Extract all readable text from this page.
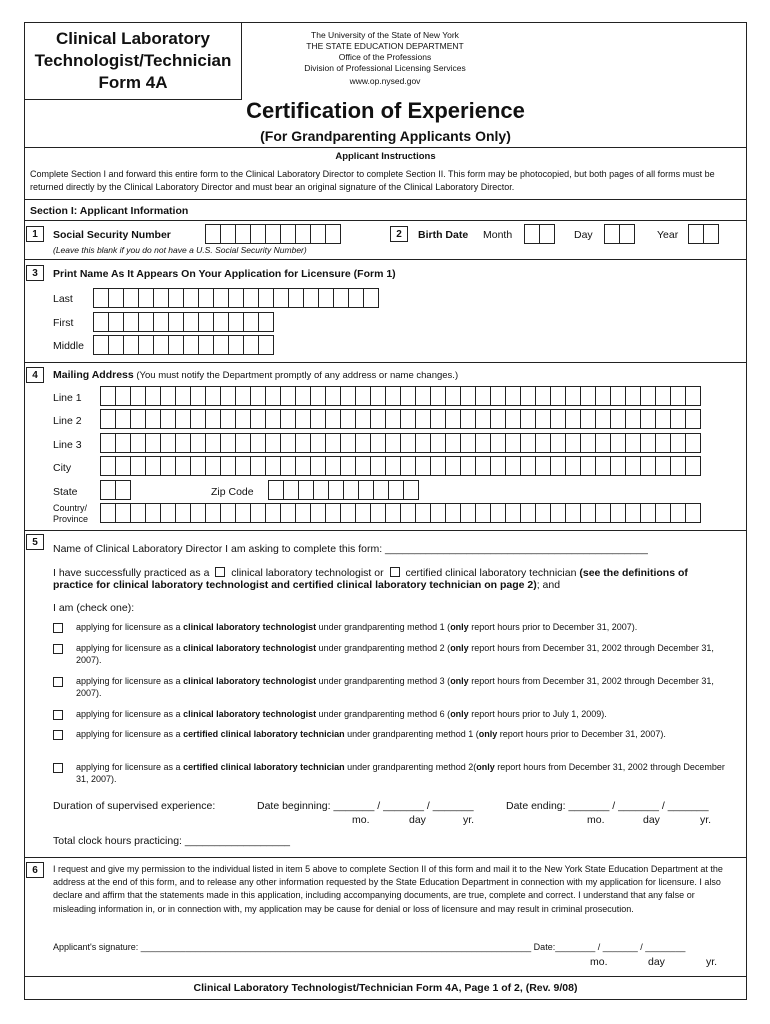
Clinical Laboratory
Technologist/Technician
Form 4A
The University of the State of New York
THE STATE EDUCATION DEPARTMENT
Office of the Professions
Division of Professional Licensing Services
www.op.nysed.gov
Certification of Experience
(For Grandparenting Applicants Only)
Applicant Instructions
Complete Section I and forward this entire form to the Clinical Laboratory Director to complete Section II. This form may be photocopied, but both pages of all forms must be returned directly by the Clinical Laboratory Director and must bear an original signature of the Clinical Laboratory Director.
Section I: Applicant Information
1	Social Security Number
(Leave this blank if you do not have a U.S. Social Security Number)
2	Birth Date Month	Day	Year
3	Print Name As It Appears On Your Application for Licensure (Form 1)
Last
First
Middle
4	Mailing Address (You must notify the Department promptly of any address or name changes.)
Line 1
Line 2
Line 3
City
State	Zip Code
Country/
Province
5
Name of Clinical Laboratory Director I am asking to complete this form: _____________________________________________
I have successfully practiced as a clinical laboratory technologist or certified clinical laboratory technician (see the definitions of
practice for clinical laboratory technologist and certified clinical laboratory technician on page 2); and
I am (check one):
applying for licensure as a clinical laboratory technologist under grandparenting method 1 (only report hours prior to December 31, 2007).
applying for licensure as a clinical laboratory technologist under grandparenting method 2 (only report hours from December 31, 2002 through December 31, 2007).
applying for licensure as a clinical laboratory technologist under grandparenting method 3 (only report hours from December 31, 2002 through December 31, 2007).
applying for licensure as a clinical laboratory technologist under grandparenting method 6 (only report hours prior to July 1, 2009).
applying for licensure as a certified clinical laboratory technician under grandparenting method 1 (only report hours prior to December 31, 2007).
applying for licensure as a certified clinical laboratory technician under grandparenting method 2(only report hours from December 31, 2002 through December 31, 2007).
Duration of supervised experience:	Date beginning: _______ / _______ / _______	Date ending: _______ / _______ / _______
mo.	day	yr.	mo.	day	yr.
Total clock hours practicing: __________________
6	I request and give my permission to the individual listed in item 5 above to complete Section II of this form and mail it to the New York State Education Department at the address at the end of this form, and to release any other information requested by the State Education Department in connection with my application for licensure. I also declare and affirm that the statements made in this application, including accompanying documents, are true, complete and correct. I understand that any false or misleading information in, or in connection with, my application may be cause for denial or loss of licensure and may result in criminal prosecution.
Applicant's signature: ______________________________________________________________________________ Date:________ / _______ / ________
mo.	day	yr.
Clinical Laboratory Technologist/Technician Form 4A, Page 1 of 2, (Rev. 9/08)
